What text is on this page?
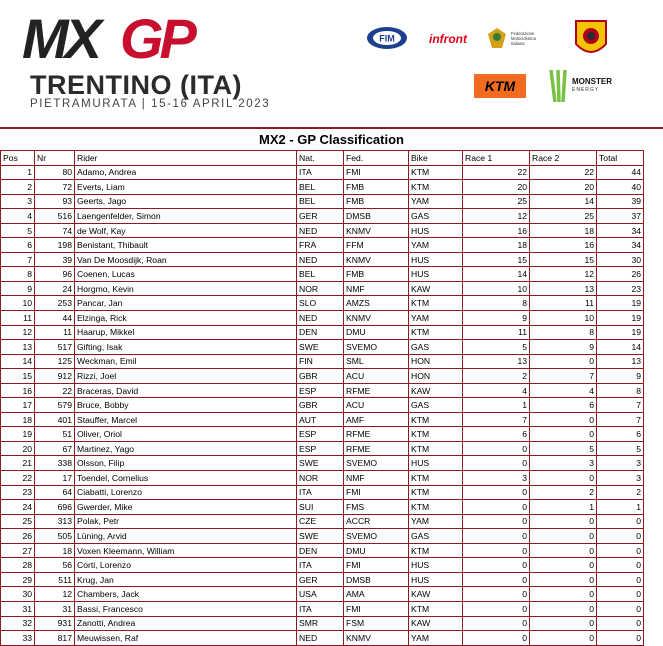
MX GP
TRENTINO (ITA)
PIETRAMURATA | 15-16 APRIL 2023
FIM	infront	Federazione
Motociclistica
Italiana
KTM	MONSTER
ENERGY
MX2 - GP Classification
Pos	Nr	Rider	Nat.	Fed.	Bike	Race 1	Race 2	Total
1	80	Adamo, Andrea	ITA	FMI	KTM	22	22	44
2	72	Everts, Liam	BEL	FMB	KTM	20	20	40
3	93	Geerts, Jago	BEL	FMB	YAM	25	14	39
4	516	Laengenfelder, Simon	GER	DMSB	GAS	12	25	37
5	74	de Wolf, Kay	NED	KNMV	HUS	16	18	34
6	198	Benistant, Thibault	FRA	FFM	YAM	18	16	34
7	39	Van De Moosdijk, Roan	NED	KNMV	HUS	15	15	30
8	96	Coenen, Lucas	BEL	FMB	HUS	14	12	26
9	24	Horgmo, Kevin	NOR	NMF	KAW	10	13	23
10	253	Pancar, Jan	SLO	AMZS	KTM	8	11	19
11	44	Elzinga, Rick	NED	KNMV	YAM	9	10	19
12	11	Haarup, Mikkel	DEN	DMU	KTM	11	8	19
13	517	Gifting, Isak	SWE	SVEMO	GAS	5	9	14
14	125	Weckman, Emil	FIN	SML	HON	13	0	13
15	912	Rizzi, Joel	GBR	ACU	HON	2	7	9
16	22	Braceras, David	ESP	RFME	KAW	4	4	8
17	579	Bruce, Bobby	GBR	ACU	GAS	1	6	7
18	401	Stauffer, Marcel	AUT	AMF	KTM	7	0	7
19	51	Oliver, Oriol	ESP	RFME	KTM	6	0	6
20	67	Martinez, Yago	ESP	RFME	KTM	0	5	5
21	338	Olsson, Filip	SWE	SVEMO	HUS	0	3	3
22	17	Toendel, Cornelius	NOR	NMF	KTM	3	0	3
23	64	Ciabatti, Lorenzo	ITA	FMI	KTM	0	2	2
24	696	Gwerder, Mike	SUI	FMS	KTM	0	1	1
25	313	Polak, Petr	CZE	ACCR	YAM	0	0	0
26	505	Lüning, Arvid	SWE	SVEMO	GAS	0	0	0
27	18	Voxen Kleemann, William	DEN	DMU	KTM	0	0	0
28	56	Corti, Lorenzo	ITA	FMI	HUS	0	0	0
29	511	Krug, Jan	GER	DMSB	HUS	0	0	0
30	12	Chambers, Jack	USA	AMA	KAW	0	0	0
31	31	Bassi, Francesco	ITA	FMI	KTM	0	0	0
32	931	Zanotti, Andrea	SMR	FSM	KAW	0	0	0
33	817	Meuwissen, Raf	NED	KNMV	YAM	0	0	0
